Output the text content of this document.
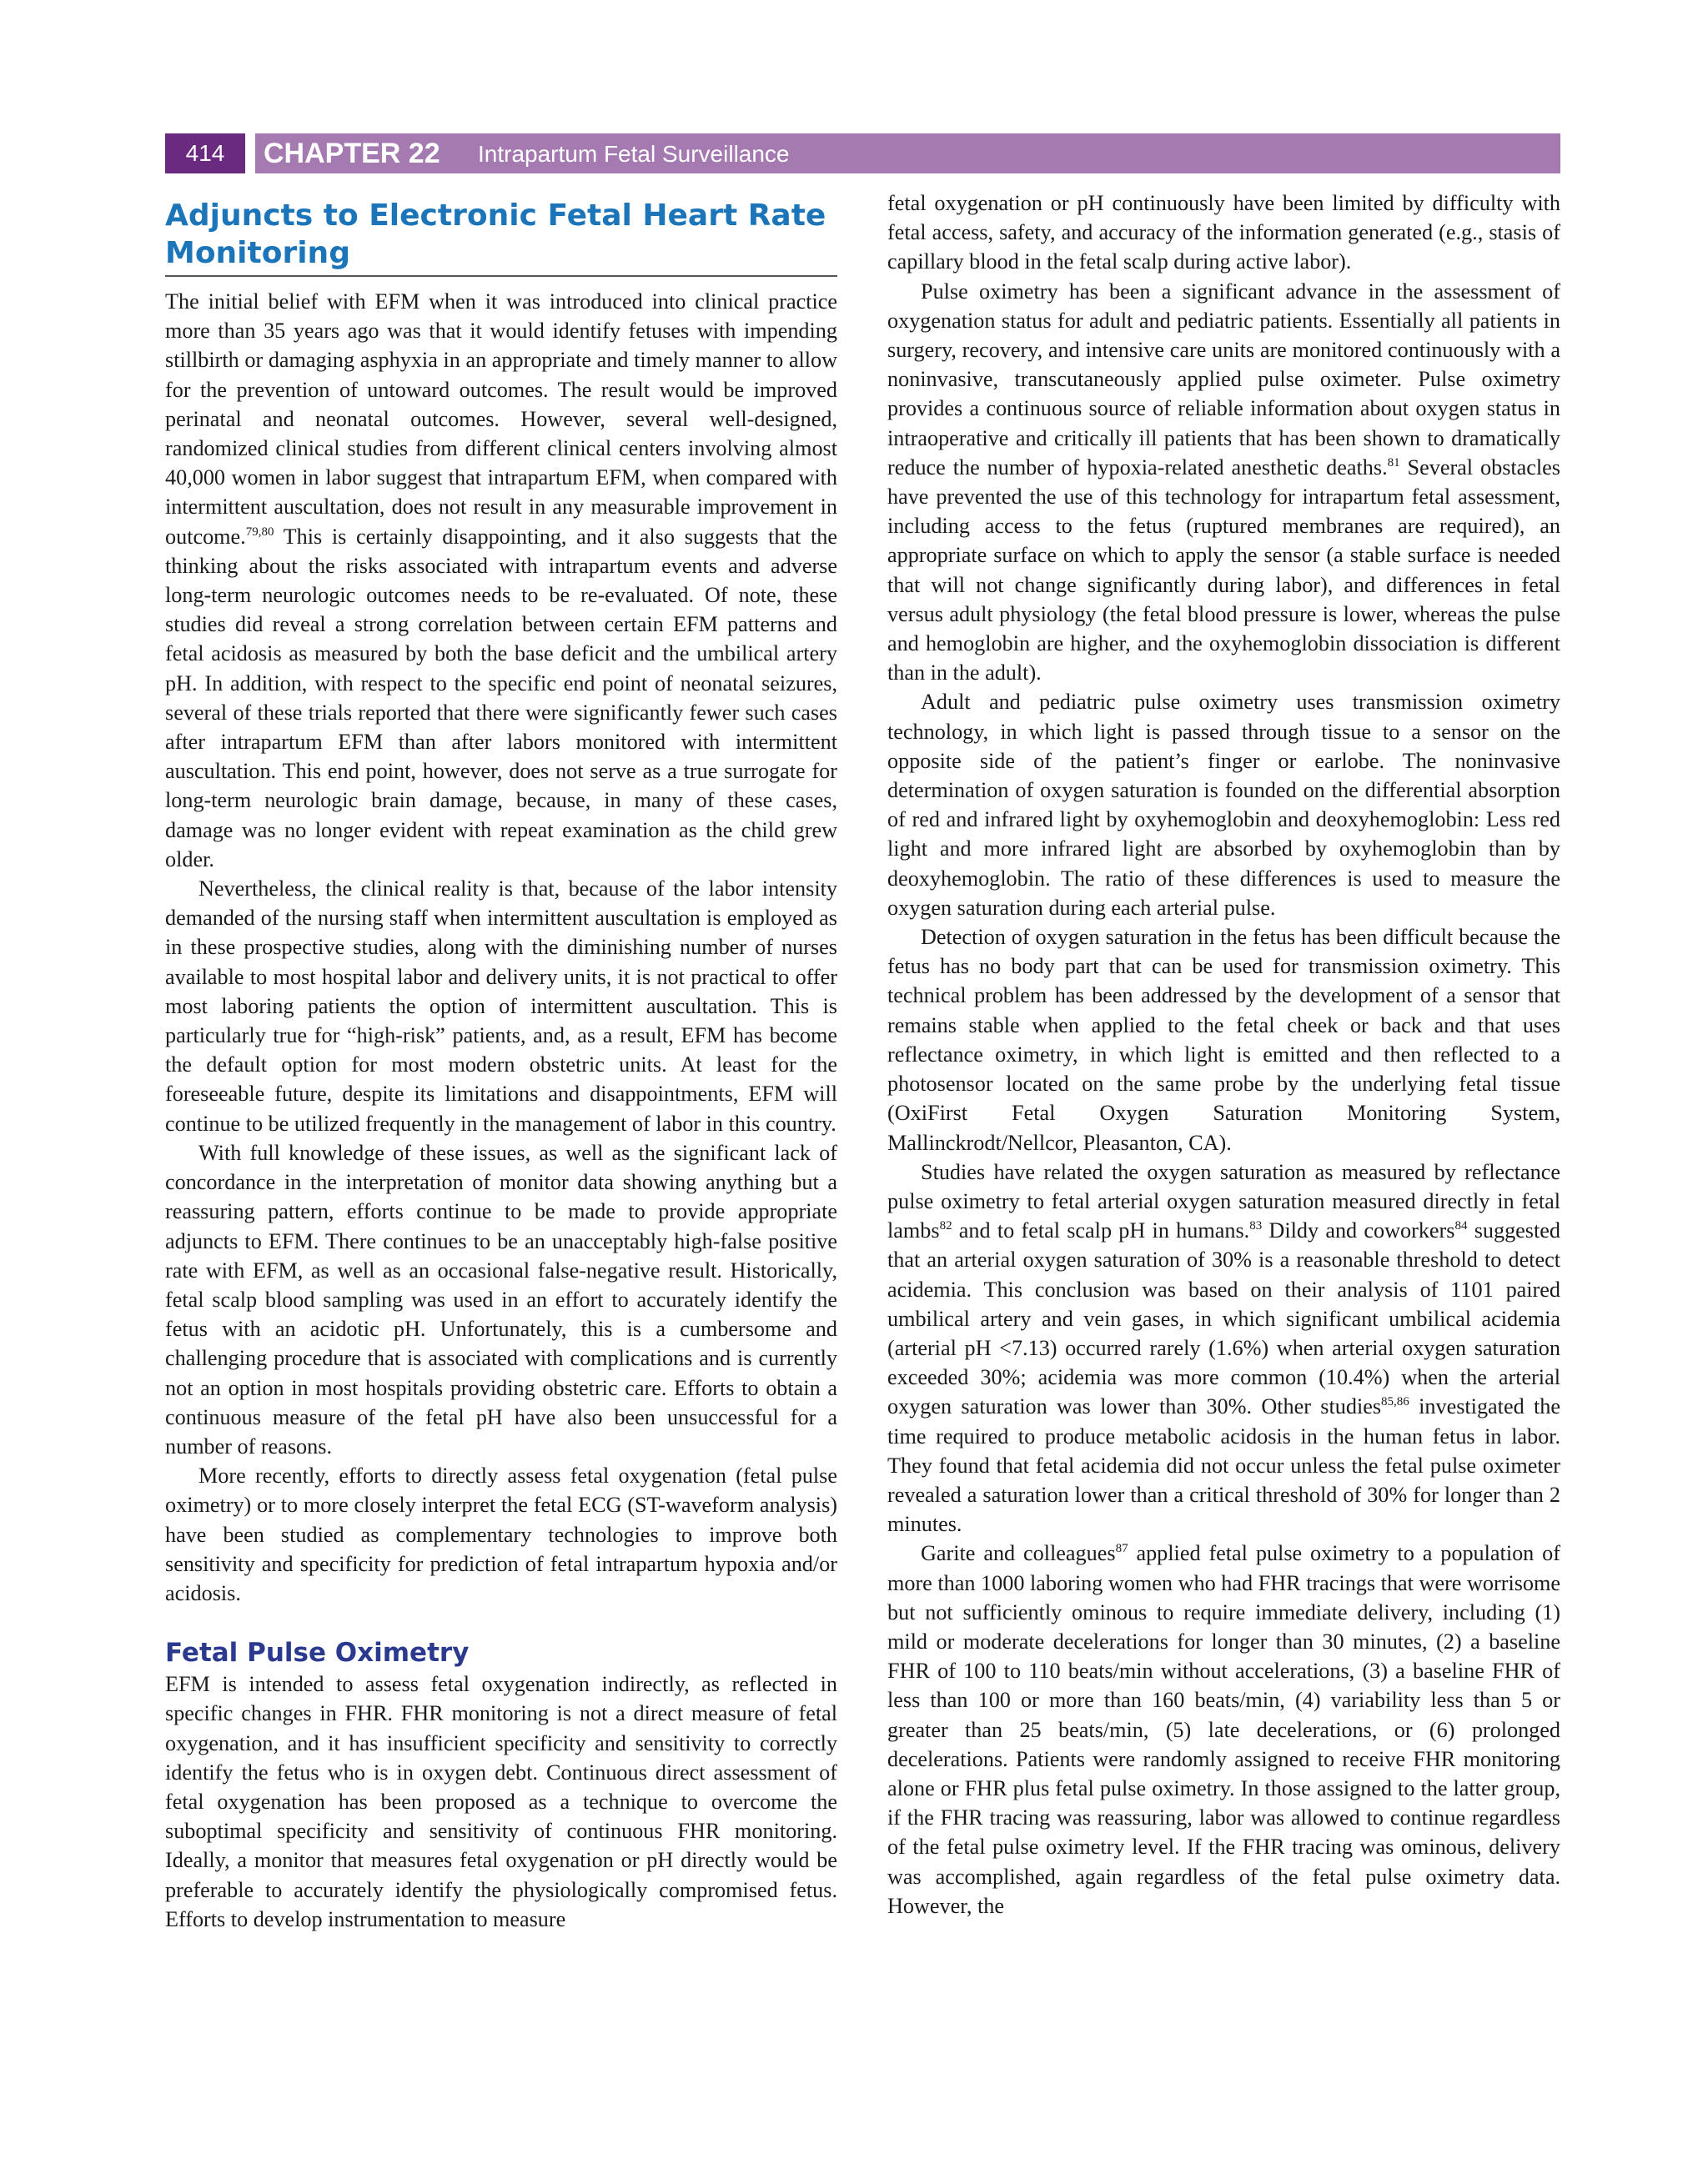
414	CHAPTER 22 Intrapartum Fetal Surveillance
Adjuncts to Electronic Fetal Heart Rate Monitoring

The initial belief with EFM when it was introduced into clinical practice more than 35 years ago was that it would identify fetuses with impending stillbirth or damaging asphyxia in an appropriate and timely manner to allow for the prevention of untoward outcomes. The result would be improved perinatal and neonatal outcomes. However, several well-designed, randomized clinical studies from different clinical centers involving almost 40,000 women in labor suggest that intrapartum EFM, when compared with intermittent auscultation, does not result in any measurable improvement in outcome.$^{79,80}$ This is certainly disappointing, and it also suggests that the thinking about the risks associated with intrapartum events and adverse long-term neurologic outcomes needs to be re-evaluated. Of note, these studies did reveal a strong correlation between certain EFM patterns and fetal acidosis as measured by both the base deficit and the umbilical artery pH. In addition, with respect to the specific end point of neonatal seizures, several of these trials reported that there were significantly fewer such cases after intrapartum EFM than after labors monitored with intermittent auscultation. This end point, however, does not serve as a true surrogate for long-term neurologic brain damage, because, in many of these cases, damage was no longer evident with repeat examination as the child grew older.

Nevertheless, the clinical reality is that, because of the labor intensity demanded of the nursing staff when intermittent auscultation is employed as in these prospective studies, along with the diminishing number of nurses available to most hospital labor and delivery units, it is not practical to offer most laboring patients the option of intermittent auscultation. This is particularly true for “high-risk” patients, and, as a result, EFM has become the default option for most modern obstetric units. At least for the foreseeable future, despite its limitations and disappointments, EFM will continue to be utilized frequently in the management of labor in this country.

With full knowledge of these issues, as well as the significant lack of concordance in the interpretation of monitor data showing anything but a reassuring pattern, efforts continue to be made to provide appropriate adjuncts to EFM. There continues to be an unacceptably high-false positive rate with EFM, as well as an occasional false-negative result. Historically, fetal scalp blood sampling was used in an effort to accurately identify the fetus with an acidotic pH. Unfortunately, this is a cumbersome and challenging procedure that is associated with complications and is currently not an option in most hospitals providing obstetric care. Efforts to obtain a continuous measure of the fetal pH have also been unsuccessful for a number of reasons.

More recently, efforts to directly assess fetal oxygenation (fetal pulse oximetry) or to more closely interpret the fetal ECG (ST-waveform analysis) have been studied as complementary technologies to improve both sensitivity and specificity for prediction of fetal intrapartum hypoxia and/or acidosis.

Fetal Pulse Oximetry

EFM is intended to assess fetal oxygenation indirectly, as reflected in specific changes in FHR. FHR monitoring is not a direct measure of fetal oxygenation, and it has insufficient specificity and sensitivity to correctly identify the fetus who is in oxygen debt. Continuous direct assessment of fetal oxygenation has been proposed as a technique to overcome the suboptimal specificity and sensitivity of continuous FHR monitoring. Ideally, a monitor that measures fetal oxygenation or pH directly would be preferable to accurately identify the physiologically compromised fetus. Efforts to develop instrumentation to measure

fetal oxygenation or pH continuously have been limited by difficulty with fetal access, safety, and accuracy of the information generated (e.g., stasis of capillary blood in the fetal scalp during active labor).

Pulse oximetry has been a significant advance in the assessment of oxygenation status for adult and pediatric patients. Essentially all patients in surgery, recovery, and intensive care units are monitored continuously with a noninvasive, transcutaneously applied pulse oximeter. Pulse oximetry provides a continuous source of reliable information about oxygen status in intraoperative and critically ill patients that has been shown to dramatically reduce the number of hypoxia-related anesthetic deaths.$^{81}$ Several obstacles have prevented the use of this technology for intrapartum fetal assessment, including access to the fetus (ruptured membranes are required), an appropriate surface on which to apply the sensor (a stable surface is needed that will not change significantly during labor), and differences in fetal versus adult physiology (the fetal blood pressure is lower, whereas the pulse and hemoglobin are higher, and the oxyhemoglobin dissociation is different than in the adult).

Adult and pediatric pulse oximetry uses transmission oximetry technology, in which light is passed through tissue to a sensor on the opposite side of the patient’s finger or earlobe. The noninvasive determination of oxygen saturation is founded on the differential absorption of red and infrared light by oxyhemoglobin and deoxyhemoglobin: Less red light and more infrared light are absorbed by oxyhemoglobin than by deoxyhemoglobin. The ratio of these differences is used to measure the oxygen saturation during each arterial pulse.

Detection of oxygen saturation in the fetus has been difficult because the fetus has no body part that can be used for transmission oximetry. This technical problem has been addressed by the development of a sensor that remains stable when applied to the fetal cheek or back and that uses reflectance oximetry, in which light is emitted and then reflected to a photosensor located on the same probe by the underlying fetal tissue (OxiFirst Fetal Oxygen Saturation Monitoring System, Mallinckrodt/Nellcor, Pleasanton, CA).

Studies have related the oxygen saturation as measured by reflectance pulse oximetry to fetal arterial oxygen saturation measured directly in fetal lambs$^{82}$ and to fetal scalp pH in humans.$^{83}$ Dildy and coworkers$^{84}$ suggested that an arterial oxygen saturation of 30% is a reasonable threshold to detect acidemia. This conclusion was based on their analysis of 1101 paired umbilical artery and vein gases, in which significant umbilical acidemia (arterial pH <7.13) occurred rarely (1.6%) when arterial oxygen saturation exceeded 30%; acidemia was more common (10.4%) when the arterial oxygen saturation was lower than 30%. Other studies$^{85,86}$ investigated the time required to produce metabolic acidosis in the human fetus in labor. They found that fetal acidemia did not occur unless the fetal pulse oximeter revealed a saturation lower than a critical threshold of 30% for longer than 2 minutes.

Garite and colleagues$^{87}$ applied fetal pulse oximetry to a population of more than 1000 laboring women who had FHR tracings that were worrisome but not sufficiently ominous to require immediate delivery, including (1) mild or moderate decelerations for longer than 30 minutes, (2) a baseline FHR of 100 to 110 beats/min without accelerations, (3) a baseline FHR of less than 100 or more than 160 beats/min, (4) variability less than 5 or greater than 25 beats/min, (5) late decelerations, or (6) prolonged decelerations. Patients were randomly assigned to receive FHR monitoring alone or FHR plus fetal pulse oximetry. In those assigned to the latter group, if the FHR tracing was reassuring, labor was allowed to continue regardless of the fetal pulse oximetry level. If the FHR tracing was ominous, delivery was accomplished, again regardless of the fetal pulse oximetry data. However, the
